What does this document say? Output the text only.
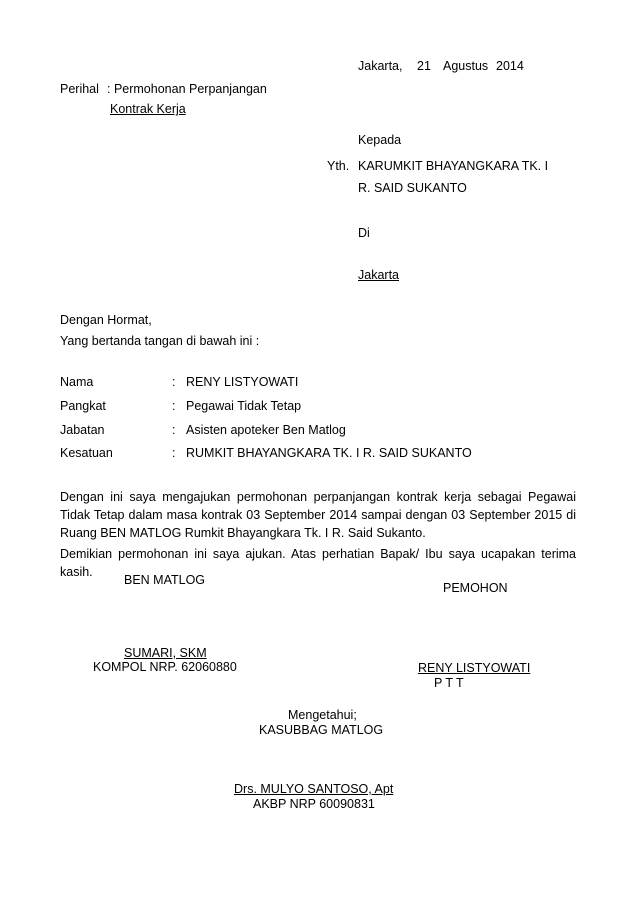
Jakarta, 21 Agustus 2014
Perihal : Permohonan Perpanjangan
Kontrak Kerja
Kepada
Yth. KARUMKIT BHAYANGKARA TK. I
R. SAID SUKANTO
Di
Jakarta
Dengan Hormat,
Yang bertanda tangan di bawah ini :
Nama	: RENY LISTYOWATI
Pangkat	: Pegawai Tidak Tetap
Jabatan	: Asisten apoteker Ben Matlog
Kesatuan	: RUMKIT BHAYANGKARA TK. I R. SAID SUKANTO
Dengan ini saya mengajukan permohonan perpanjangan kontrak kerja sebagai Pegawai Tidak Tetap dalam masa kontrak 03 September 2014 sampai dengan 03 September 2015 di Ruang BEN MATLOG Rumkit Bhayangkara Tk. I R. Said Sukanto.
Demikian permohonan ini saya ajukan. Atas perhatian Bapak/ Ibu saya ucapakan terima kasih.
BEN MATLOG
SUMARI, SKM
KOMPOL NRP. 62060880
PEMOHON
RENY LISTYOWATI
P T T
Mengetahui;
KASUBBAG MATLOG
Drs. MULYO SANTOSO, Apt
AKBP NRP 60090831
